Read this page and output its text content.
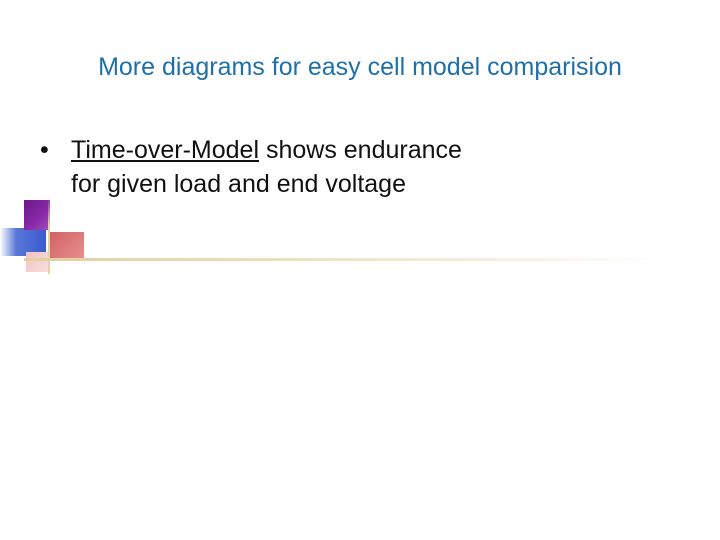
More diagrams for easy cell model comparision
• Time-over-Model shows endurance
for given load and end voltage
